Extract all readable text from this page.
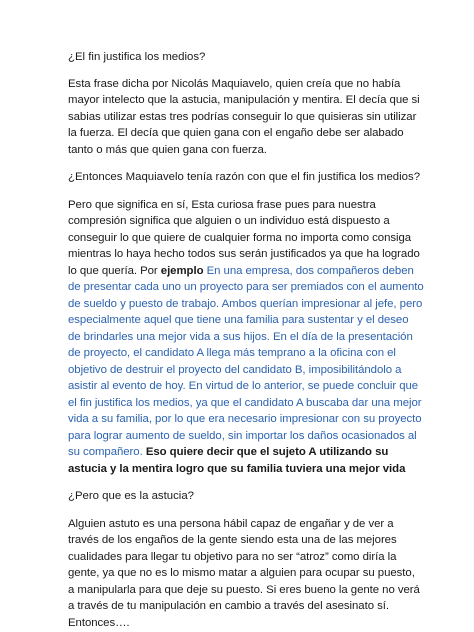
¿El fin justifica los medios?

Esta frase dicha por Nicolás Maquiavelo, quien creía que no había mayor intelecto que la astucia, manipulación y mentira. El decía que si sabias utilizar estas tres podrías conseguir lo que quisieras sin utilizar la fuerza. El decía que quien gana con el engaño debe ser alabado tanto o más que quien gana con fuerza.

¿Entonces Maquiavelo tenía razón con que el fin justifica los medios?

Pero que significa en sí, Esta curiosa frase pues para nuestra compresión significa que alguien o un individuo está dispuesto a conseguir lo que quiere de cualquier forma no importa como consiga mientras lo haya hecho todos sus serán justificados ya que ha logrado lo que quería. Por ejemplo En una empresa, dos compañeros deben de presentar cada uno un proyecto para ser premiados con el aumento de sueldo y puesto de trabajo. Ambos querían impresionar al jefe, pero especialmente aquel que tiene una familia para sustentar y el deseo de brindarles una mejor vida a sus hijos. En el día de la presentación de proyecto, el candidato A llega más temprano a la oficina con el objetivo de destruir el proyecto del candidato B, imposibilitándolo a asistir al evento de hoy. En virtud de lo anterior, se puede concluir que el fin justifica los medios, ya que el candidato A buscaba dar una mejor vida a su familia, por lo que era necesario impresionar con su proyecto para lograr aumento de sueldo, sin importar los daños ocasionados al su compañero. Eso quiere decir que el sujeto A utilizando su astucia y la mentira logro que su familia tuviera una mejor vida

¿Pero que es la astucia?

Alguien astuto es una persona hábil capaz de engañar y de ver a través de los engaños de la gente siendo esta una de las mejores cualidades para llegar tu objetivo para no ser “atroz” como diría la gente, ya que no es lo mismo matar a alguien para ocupar su puesto, a manipularla para que deje su puesto. Si eres bueno la gente no verá a través de tu manipulación en cambio a través del asesinato sí. Entonces….
